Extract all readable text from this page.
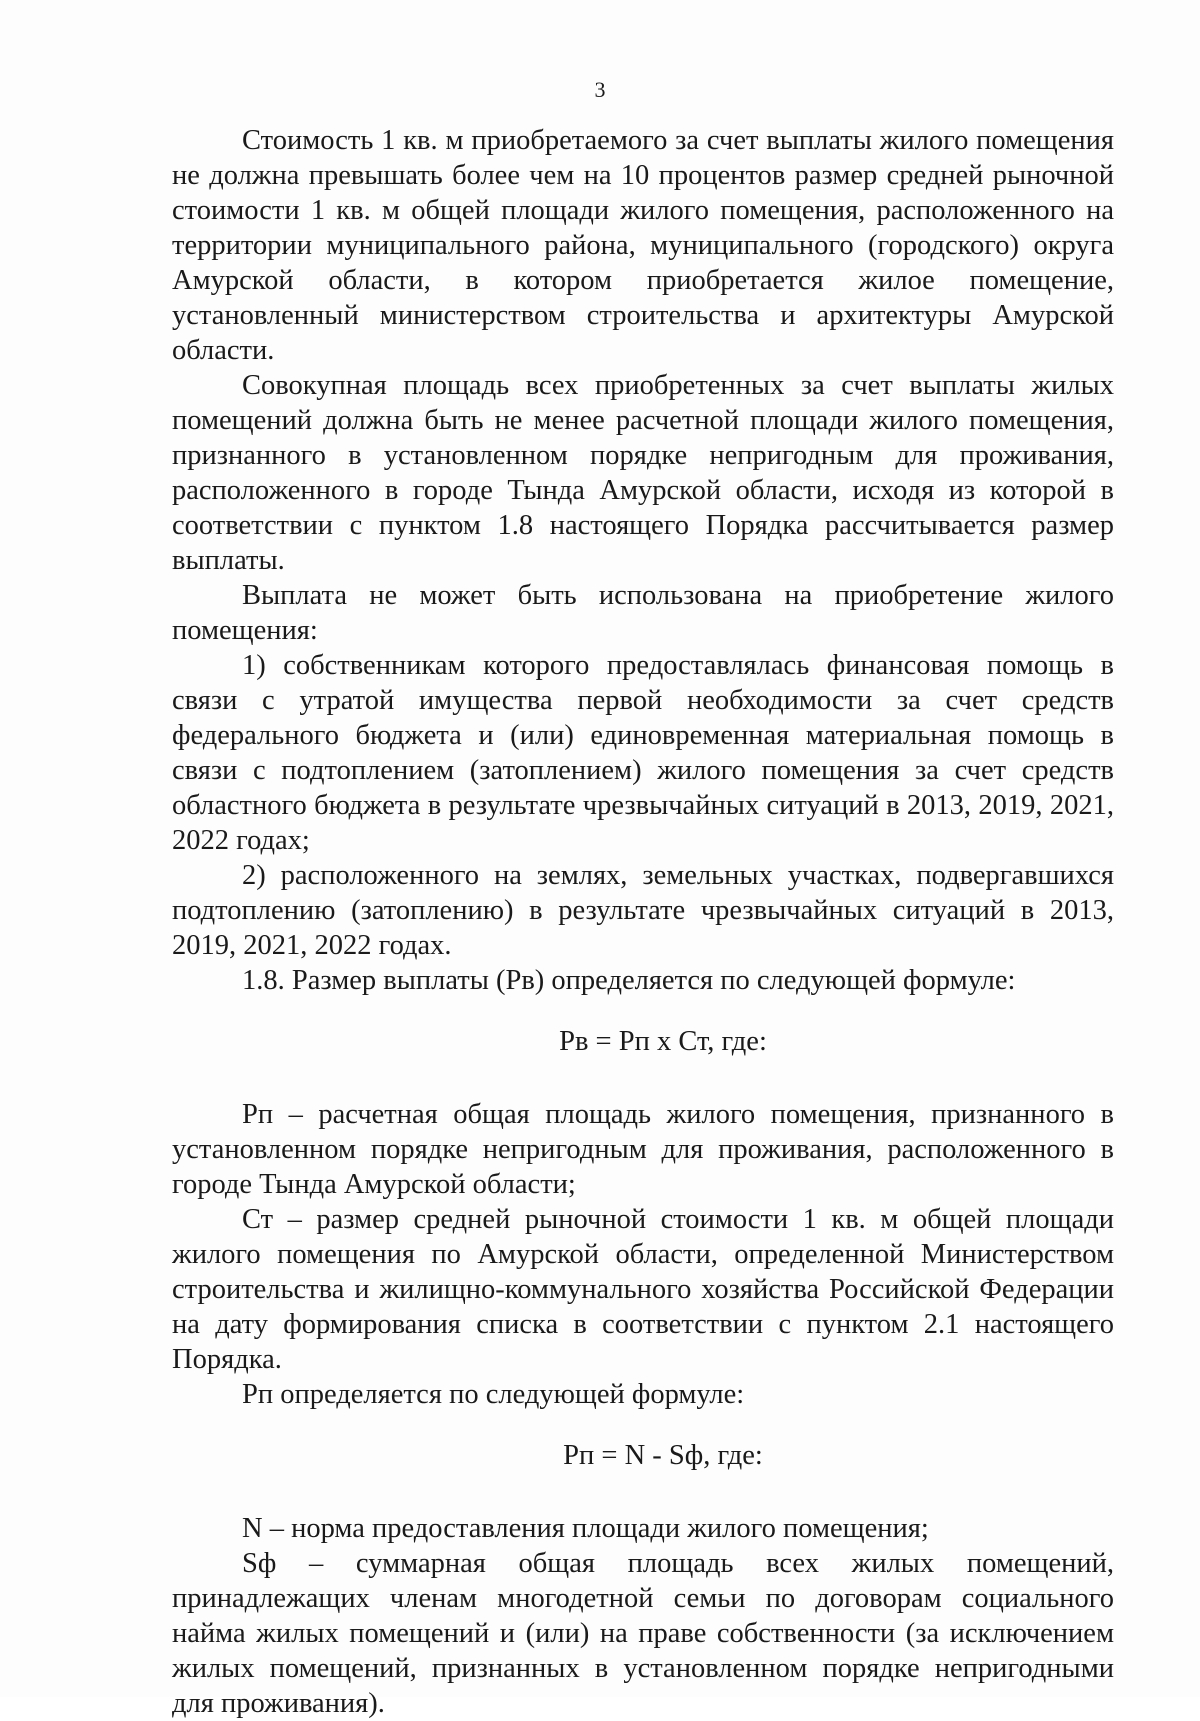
3

Стоимость 1 кв. м приобретаемого за счет выплаты жилого помещения не должна превышать более чем на 10 процентов размер средней рыночной стоимости 1 кв. м общей площади жилого помещения, расположенного на территории муниципального района, муниципального (городского) округа Амурской области, в котором приобретается жилое помещение, установленный министерством строительства и архитектуры Амурской области.

Совокупная площадь всех приобретенных за счет выплаты жилых помещений должна быть не менее расчетной площади жилого помещения, признанного в установленном порядке непригодным для проживания, расположенного в городе Тында Амурской области, исходя из которой в соответствии с пунктом 1.8 настоящего Порядка рассчитывается размер выплаты.

Выплата не может быть использована на приобретение жилого помещения:

1) собственникам которого предоставлялась финансовая помощь в связи с утратой имущества первой необходимости за счет средств федерального бюджета и (или) единовременная материальная помощь в связи с подтоплением (затоплением) жилого помещения за счет средств областного бюджета в результате чрезвычайных ситуаций в 2013, 2019, 2021, 2022 годах;

2) расположенного на землях, земельных участках, подвергавшихся подтоплению (затоплению) в результате чрезвычайных ситуаций в 2013, 2019, 2021, 2022 годах.

1.8. Размер выплаты (Рв) определяется по следующей формуле:

Рв = Рп х Ст, где:

Рп – расчетная общая площадь жилого помещения, признанного в установленном порядке непригодным для проживания, расположенного в городе Тында Амурской области;

Ст – размер средней рыночной стоимости 1 кв. м общей площади жилого помещения по Амурской области, определенной Министерством строительства и жилищно-коммунального хозяйства Российской Федерации на дату формирования списка в соответствии с пунктом 2.1 настоящего Порядка.

Рп определяется по следующей формуле:

Рп = N - Sф, где:

N – норма предоставления площади жилого помещения;

Sф – суммарная общая площадь всех жилых помещений, принадлежащих членам многодетной семьи по договорам социального найма жилых помещений и (или) на праве собственности (за исключением жилых помещений, признанных в установленном порядке непригодными для проживания).
